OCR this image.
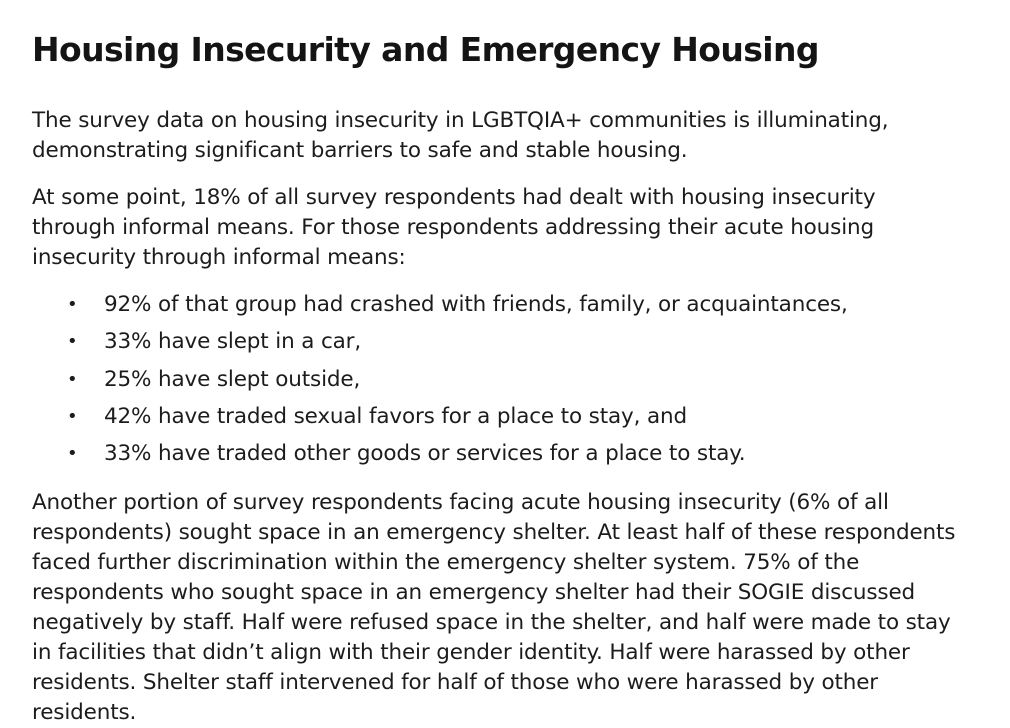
Housing Insecurity and Emergency Housing

The survey data on housing insecurity in LGBTQIA+ communities is illuminating, demonstrating significant barriers to safe and stable housing.

At some point, 18% of all survey respondents had dealt with housing insecurity through informal means. For those respondents addressing their acute housing insecurity through informal means:

• 92% of that group had crashed with friends, family, or acquaintances,
• 33% have slept in a car,
• 25% have slept outside,
• 42% have traded sexual favors for a place to stay, and
• 33% have traded other goods or services for a place to stay.

Another portion of survey respondents facing acute housing insecurity (6% of all respondents) sought space in an emergency shelter. At least half of these respondents faced further discrimination within the emergency shelter system. 75% of the respondents who sought space in an emergency shelter had their SOGIE discussed negatively by staff. Half were refused space in the shelter, and half were made to stay in facilities that didn’t align with their gender identity. Half were harassed by other residents. Shelter staff intervened for half of those who were harassed by other residents.
